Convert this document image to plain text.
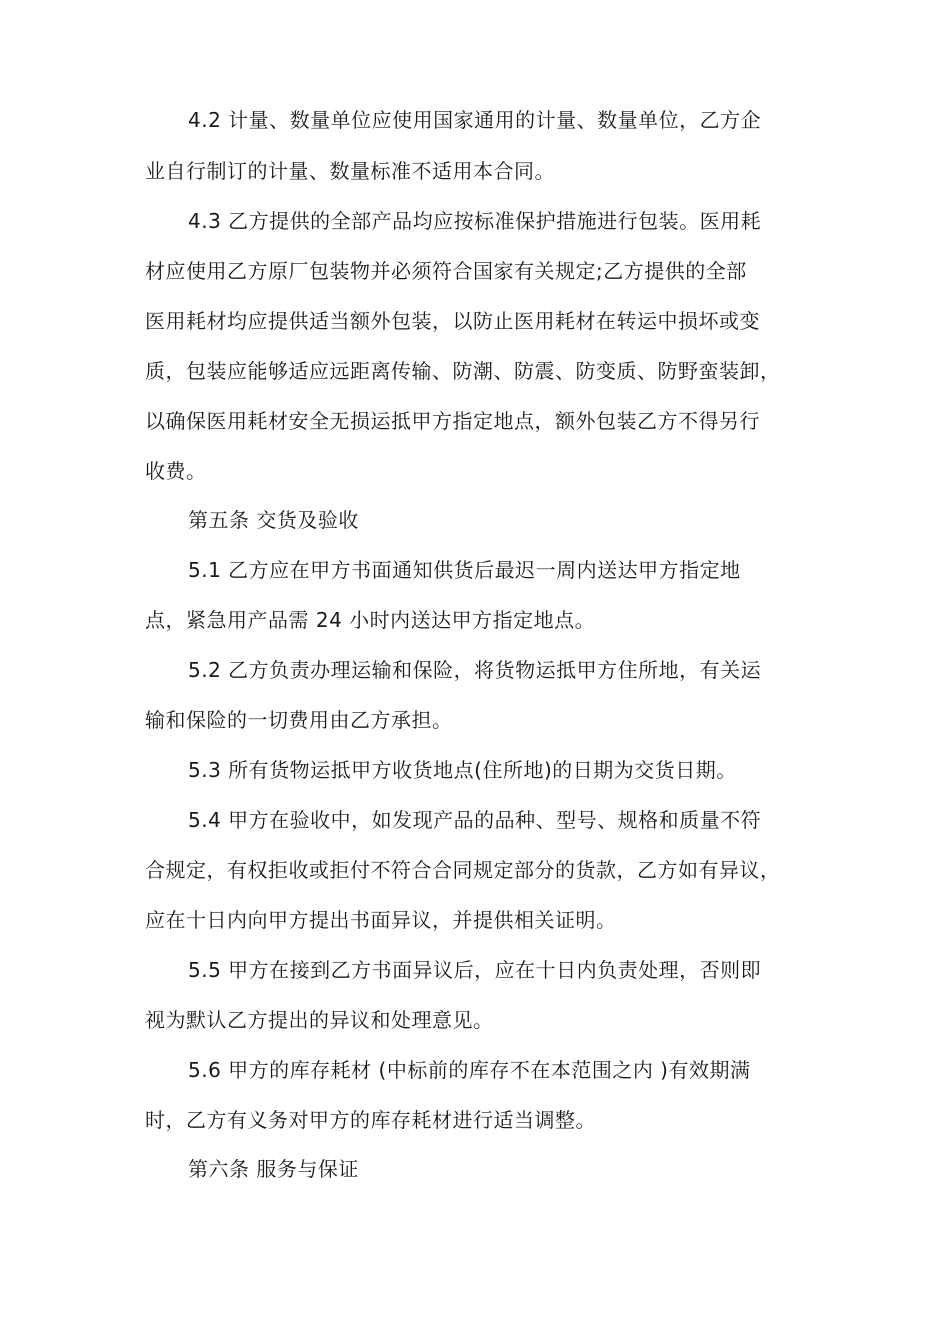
4.2 计量、数量单位应使用国家通用的计量、数量单位，乙方企
业自行制订的计量、数量标准不适用本合同。
4.3 乙方提供的全部产品均应按标准保护措施进行包装。医用耗
材应使用乙方原厂包装物并必须符合国家有关规定;乙方提供的全部
医用耗材均应提供适当额外包装，以防止医用耗材在转运中损坏或变
质，包装应能够适应远距离传输、防潮、防震、防变质、防野蛮装卸，
以确保医用耗材安全无损运抵甲方指定地点，额外包装乙方不得另行
收费。
第五条 交货及验收
5.1 乙方应在甲方书面通知供货后最迟一周内送达甲方指定地
点，紧急用产品需 24 小时内送达甲方指定地点。
5.2 乙方负责办理运输和保险，将货物运抵甲方住所地，有关运
输和保险的一切费用由乙方承担。
5.3 所有货物运抵甲方收货地点(住所地)的日期为交货日期。
5.4 甲方在验收中，如发现产品的品种、型号、规格和质量不符
合规定，有权拒收或拒付不符合合同规定部分的货款，乙方如有异议，
应在十日内向甲方提出书面异议，并提供相关证明。
5.5 甲方在接到乙方书面异议后，应在十日内负责处理，否则即
视为默认乙方提出的异议和处理意见。
5.6 甲方的库存耗材 (中标前的库存不在本范围之内 )有效期满
时，乙方有义务对甲方的库存耗材进行适当调整。
第六条 服务与保证
